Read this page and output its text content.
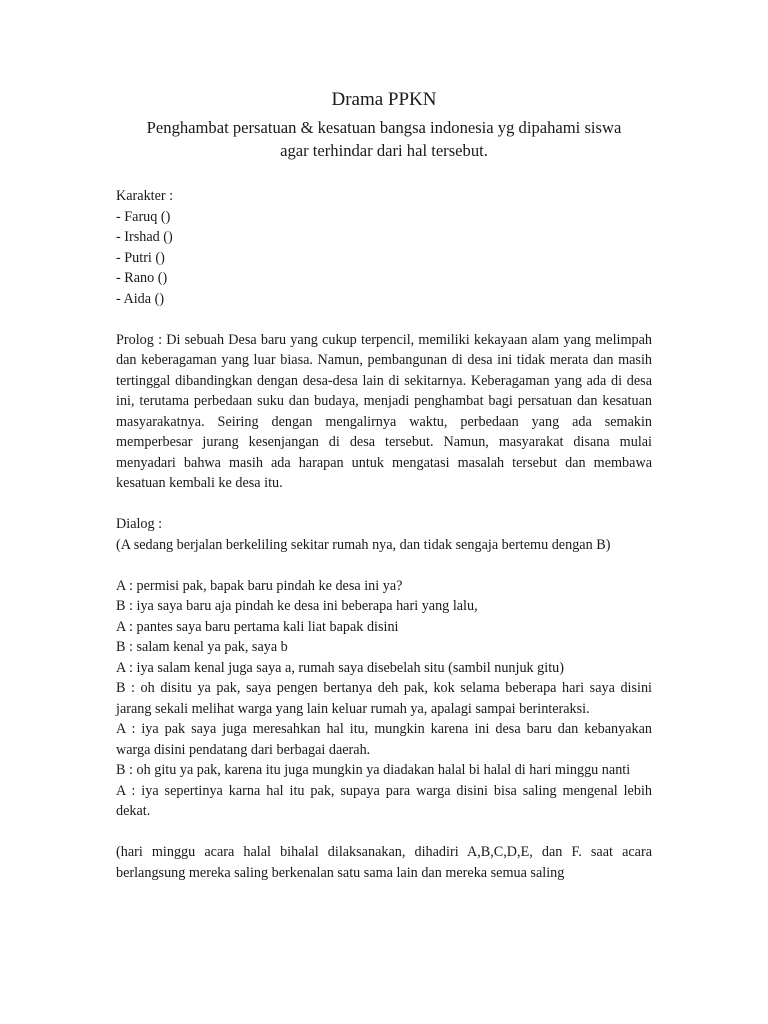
Drama PPKN

Penghambat persatuan & kesatuan bangsa indonesia yg dipahami siswa

agar terhindar dari hal tersebut.

Karakter :

- Faruq ()
- Irshad ()
- Putri ()
- Rano ()
- Aida ()

Prolog : Di sebuah Desa baru yang cukup terpencil, memiliki kekayaan alam yang melimpah dan keberagaman yang luar biasa. Namun, pembangunan di desa ini tidak merata dan masih tertinggal dibandingkan dengan desa-desa lain di sekitarnya. Keberagaman yang ada di desa ini, terutama perbedaan suku dan budaya, menjadi penghambat bagi persatuan dan kesatuan masyarakatnya. Seiring dengan mengalirnya waktu, perbedaan yang ada semakin memperbesar jurang kesenjangan di desa tersebut. Namun, masyarakat disana mulai menyadari bahwa masih ada harapan untuk mengatasi masalah tersebut dan membawa kesatuan kembali ke desa itu.

Dialog :

(A sedang berjalan berkeliling sekitar rumah nya, dan tidak sengaja bertemu dengan B)

A : permisi pak, bapak baru pindah ke desa ini ya?

B : iya saya baru aja pindah ke desa ini beberapa hari yang lalu,

A : pantes saya baru pertama kali liat bapak disini

B : salam kenal ya pak, saya b

A : iya salam kenal juga saya a, rumah saya disebelah situ (sambil nunjuk gitu)

B : oh disitu ya pak, saya pengen bertanya deh pak, kok selama beberapa hari saya disini jarang sekali melihat warga yang lain keluar rumah ya, apalagi sampai berinteraksi.

A : iya pak saya juga meresahkan hal itu, mungkin karena ini desa baru dan kebanyakan warga disini pendatang dari berbagai daerah.

B : oh gitu ya pak, karena itu juga mungkin ya diadakan halal bi halal di hari minggu nanti

A : iya sepertinya karna hal itu pak, supaya para warga disini bisa saling mengenal lebih dekat.

(hari minggu acara halal bihalal dilaksanakan, dihadiri A,B,C,D,E, dan F. saat acara berlangsung mereka saling berkenalan satu sama lain dan mereka semua saling
